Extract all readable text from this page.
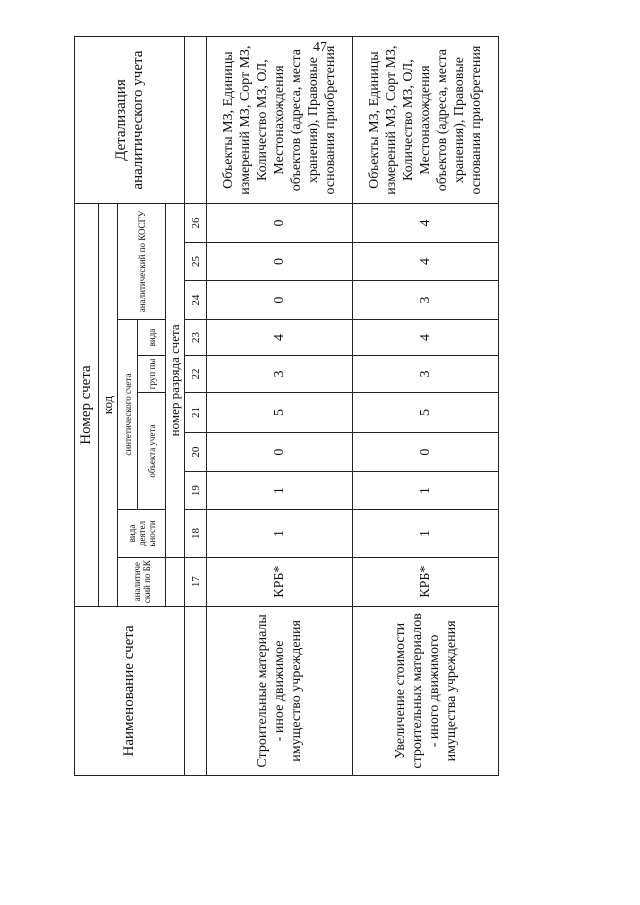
47
Наименование счета	Номер счета										Детализация аналитического учета
	код										
	аналитиче ский по БК	вида деятел ьности	синтетического счета					аналитический по КОСГУ			
			объекта учета			груп пы	вида				
		номер разряда счета									
	17	18	19	20	21	22	23	24	25	26	
Строительные материалы - иное движимое имущество учреждения	КРБ*	1	1	0	5	3	4	0	0	0	Объекты МЗ, Единицы измерений МЗ, Сорт МЗ, Количество МЗ, ОЛ, Местонахождения объектов (адреса, места хранения), Правовые основания приобретения
Увеличение стоимости строительных материалов - иного движимого имущества учреждения	КРБ*	1	1	0	5	3	4	3	4	4	Объекты МЗ, Единицы измерений МЗ, Сорт МЗ, Количество МЗ, ОЛ, Местонахождения объектов (адреса, места хранения), Правовые основания приобретения
